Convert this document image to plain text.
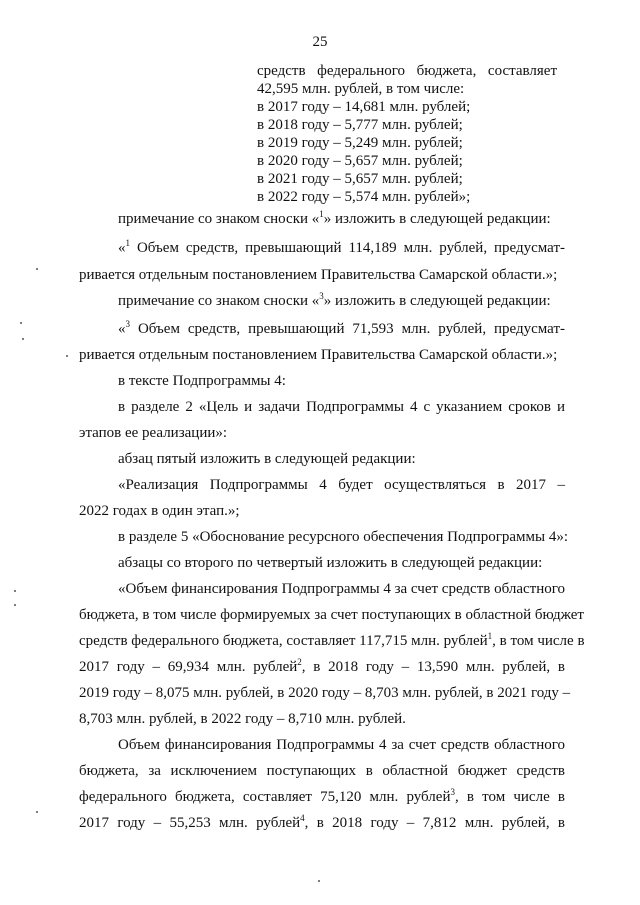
25
средств федерального бюджета, составляет
42,595 млн. рублей, в том числе:
в 2017 году – 14,681 млн. рублей;
в 2018 году – 5,777 млн. рублей;
в 2019 году – 5,249 млн. рублей;
в 2020 году – 5,657 млн. рублей;
в 2021 году – 5,657 млн. рублей;
в 2022 году – 5,574 млн. рублей»;
примечание со знаком сноски «$^1$» изложить в следующей редакции:
«$^1$ Объем средств, превышающий 114,189 млн. рублей, предусмат-
ривается отдельным постановлением Правительства Самарской области.»;
примечание со знаком сноски «$^3$» изложить в следующей редакции:
«$^3$ Объем средств, превышающий 71,593 млн. рублей, предусмат-
ривается отдельным постановлением Правительства Самарской области.»;
в тексте Подпрограммы 4:
в разделе 2 «Цель и задачи Подпрограммы 4 с указанием сроков и
этапов ее реализации»:
абзац пятый изложить в следующей редакции:
«Реализация Подпрограммы 4 будет осуществляться в 2017 –
2022 годах в один этап.»;
в разделе 5 «Обоснование ресурсного обеспечения Подпрограммы 4»:
абзацы со второго по четвертый изложить в следующей редакции:
«Объем финансирования Подпрограммы 4 за счет средств областного
бюджета, в том числе формируемых за счет поступающих в областной бюджет
средств федерального бюджета, составляет 117,715 млн. рублей$^1$, в том числе в
2017 году – 69,934 млн. рублей$^2$, в 2018 году – 13,590 млн. рублей, в
2019 году – 8,075 млн. рублей, в 2020 году – 8,703 млн. рублей, в 2021 году –
8,703 млн. рублей, в 2022 году – 8,710 млн. рублей.
Объем финансирования Подпрограммы 4 за счет средств областного
бюджета, за исключением поступающих в областной бюджет средств
федерального бюджета, составляет 75,120 млн. рублей$^3$, в том числе в
2017 году – 55,253 млн. рублей$^4$, в 2018 году – 7,812 млн. рублей, в
